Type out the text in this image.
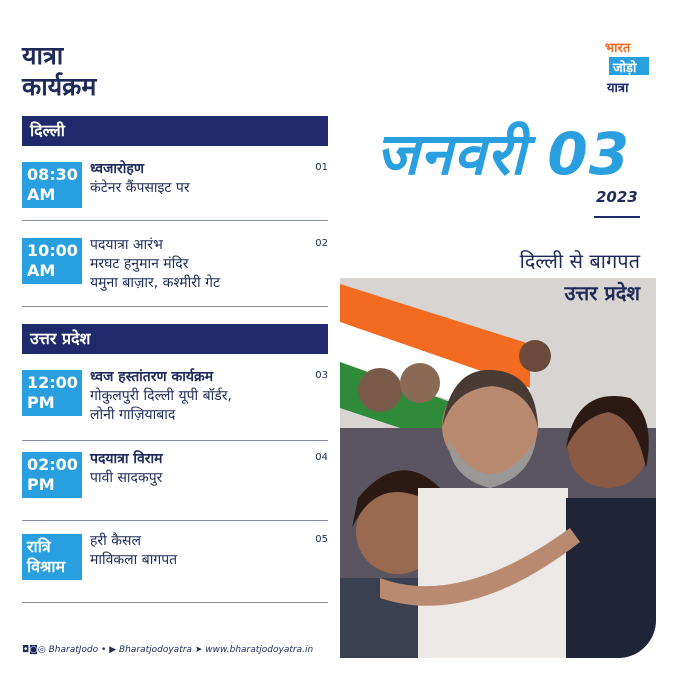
यात्रा
कार्यक्रम
दिल्ली
08:30
AM
ध्वजारोहण
कंटेनर कैंपसाइट पर
01
10:00
AM
पदयात्रा आरंभ
मरघट हनुमान मंदिर
यमुना बाज़ार, कश्मीरी गेट
02
उत्तर प्रदेश
12:00
PM
ध्वज हस्तांतरण कार्यक्रम
गोकुलपुरी दिल्ली यूपी बॉर्डर,
लोनी गाज़ियाबाद
03
02:00
PM
पदयात्रा विराम
पावी सादकपुर
04
रात्रि
विश्राम
हरी कैसल
माविकला बागपत
05
◘◙◎ BharatJodo • ▶ Bharatjodoyatra ➤ www.bharatjodoyatra.in
भारत
जोड़ो
यात्रा
जनवरी 03
2023
दिल्ली से बागपत
उत्तर प्रदेश
